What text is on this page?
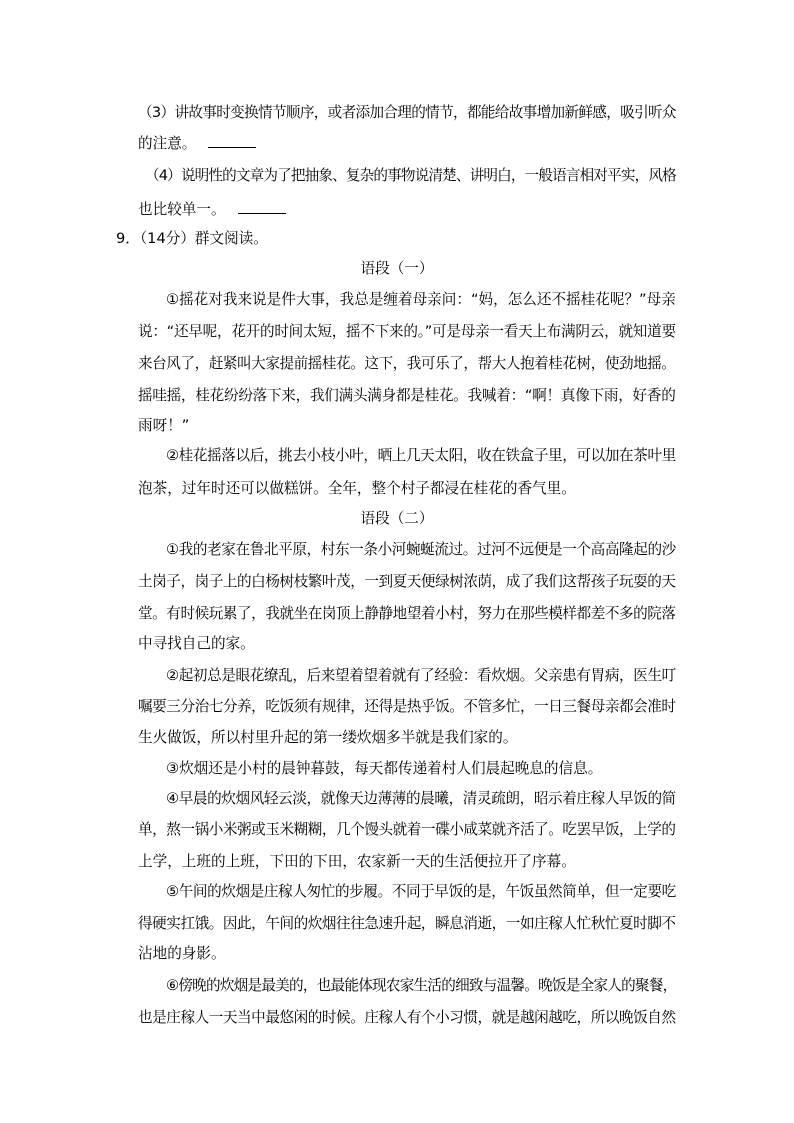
（3）讲故事时变换情节顺序，或者添加合理的情节，都能给故事增加新鲜感，吸引听众
的注意。
（4）说明性的文章为了把抽象、复杂的事物说清楚、讲明白，一般语言相对平实，风格
也比较单一。
9．（14分）群文阅读。
语段（一）
①摇花对我来说是件大事，我总是缠着母亲问：“妈，怎么还不摇桂花呢？”母亲
说：“还早呢，花开的时间太短，摇不下来的。”可是母亲一看天上布满阴云，就知道要
来台风了，赶紧叫大家提前摇桂花。这下，我可乐了，帮大人抱着桂花树，使劲地摇。
摇哇摇，桂花纷纷落下来，我们满头满身都是桂花。我喊着：“啊！真像下雨，好香的
雨呀！”
②桂花摇落以后，挑去小枝小叶，晒上几天太阳，收在铁盒子里，可以加在茶叶里
泡茶，过年时还可以做糕饼。全年，整个村子都浸在桂花的香气里。
语段（二）
①我的老家在鲁北平原，村东一条小河蜿蜒流过。过河不远便是一个高高隆起的沙
土岗子，岗子上的白杨树枝繁叶茂，一到夏天便绿树浓荫，成了我们这帮孩子玩耍的天
堂。有时候玩累了，我就坐在岗顶上静静地望着小村，努力在那些模样都差不多的院落
中寻找自己的家。
②起初总是眼花缭乱，后来望着望着就有了经验：看炊烟。父亲患有胃病，医生叮
嘱要三分治七分养，吃饭须有规律，还得是热乎饭。不管多忙，一日三餐母亲都会准时
生火做饭，所以村里升起的第一缕炊烟多半就是我们家的。
③炊烟还是小村的晨钟暮鼓，每天都传递着村人们晨起晚息的信息。
④早晨的炊烟风轻云淡，就像天边薄薄的晨曦，清灵疏朗，昭示着庄稼人早饭的简
单，熬一锅小米粥或玉米糊糊，几个馒头就着一碟小咸菜就齐活了。吃罢早饭，上学的
上学，上班的上班，下田的下田，农家新一天的生活便拉开了序幕。
⑤午间的炊烟是庄稼人匆忙的步履。不同于早饭的是，午饭虽然简单，但一定要吃
得硬实扛饿。因此，午间的炊烟往往急速升起，瞬息消逝，一如庄稼人忙秋忙夏时脚不
沾地的身影。
⑥傍晚的炊烟是最美的，也最能体现农家生活的细致与温馨。晚饭是全家人的聚餐，
也是庄稼人一天当中最悠闲的时候。庄稼人有个小习惯，就是越闲越吃，所以晚饭自然
